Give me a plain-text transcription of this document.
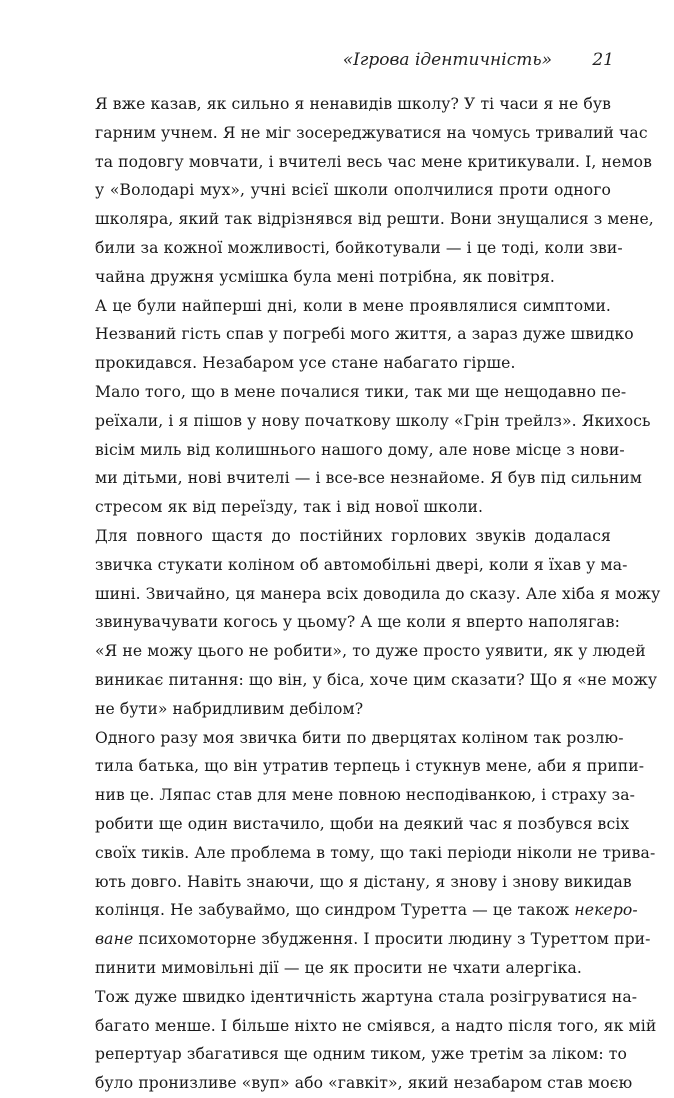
«Ігрова ідентичність» 21

Я вже казав, як сильно я ненавидів школу? У ті часи я не був
гарним учнем. Я не міг зосереджуватися на чомусь тривалий час
та подовгу мовчати, і вчителі весь час мене критикували. І, немов
у «Володарі мух», учні всієї школи ополчилися проти одного
школяра, який так відрізнявся від решти. Вони знущалися з мене,
били за кожної можливості, бойкотували — і це тоді, коли зви-
чайна дружня усмішка була мені потрібна, як повітря.

А це були найперші дні, коли в мене проявлялися симптоми.
Незваний гість спав у погребі мого життя, а зараз дуже швидко
прокидався. Незабаром усе стане набагато гірше.

Мало того, що в мене почалися тики, так ми ще нещодавно пе-
реїхали, і я пішов у нову початкову школу «Грін трейлз». Якихось
вісім миль від колишнього нашого дому, але нове місце з нови-
ми дітьми, нові вчителі — і все-все незнайоме. Я був під сильним
стресом як від переїзду, так і від нової школи.

Для повного щастя до постійних горлових звуків додалася
звичка стукати коліном об автомобільні двері, коли я їхав у ма-
шині. Звичайно, ця манера всіх доводила до сказу. Але хіба я можу
звинувачувати когось у цьому? А ще коли я вперто наполягав:
«Я не можу цього не робити», то дуже просто уявити, як у людей
виникає питання: що він, у біса, хоче цим сказати? Що я «не можу
не бути» набридливим дебілом?

Одного разу моя звичка бити по дверцятах коліном так розлю-
тила батька, що він утратив терпець і стукнув мене, аби я припи-
нив це. Ляпас став для мене повною несподіванкою, і страху за-
робити ще один вистачило, щоби на деякий час я позбувся всіх
своїх тиків. Але проблема в тому, що такі періоди ніколи не трива-
ють довго. Навіть знаючи, що я дістану, я знову і знову викидав
колінця. Не забуваймо, що синдром Туретта — це також некеро-
ване психомоторне збудження. І просити людину з Туреттом при-
пинити мимовільні дії — це як просити не чхати алергіка.

Тож дуже швидко ідентичність жартуна стала розігруватися на-
багато менше. І більше ніхто не сміявся, а надто після того, як мій
репертуар збагатився ще одним тиком, уже третім за ліком: то
було пронизливе «вуп» або «гавкіт», який незабаром став моєю
